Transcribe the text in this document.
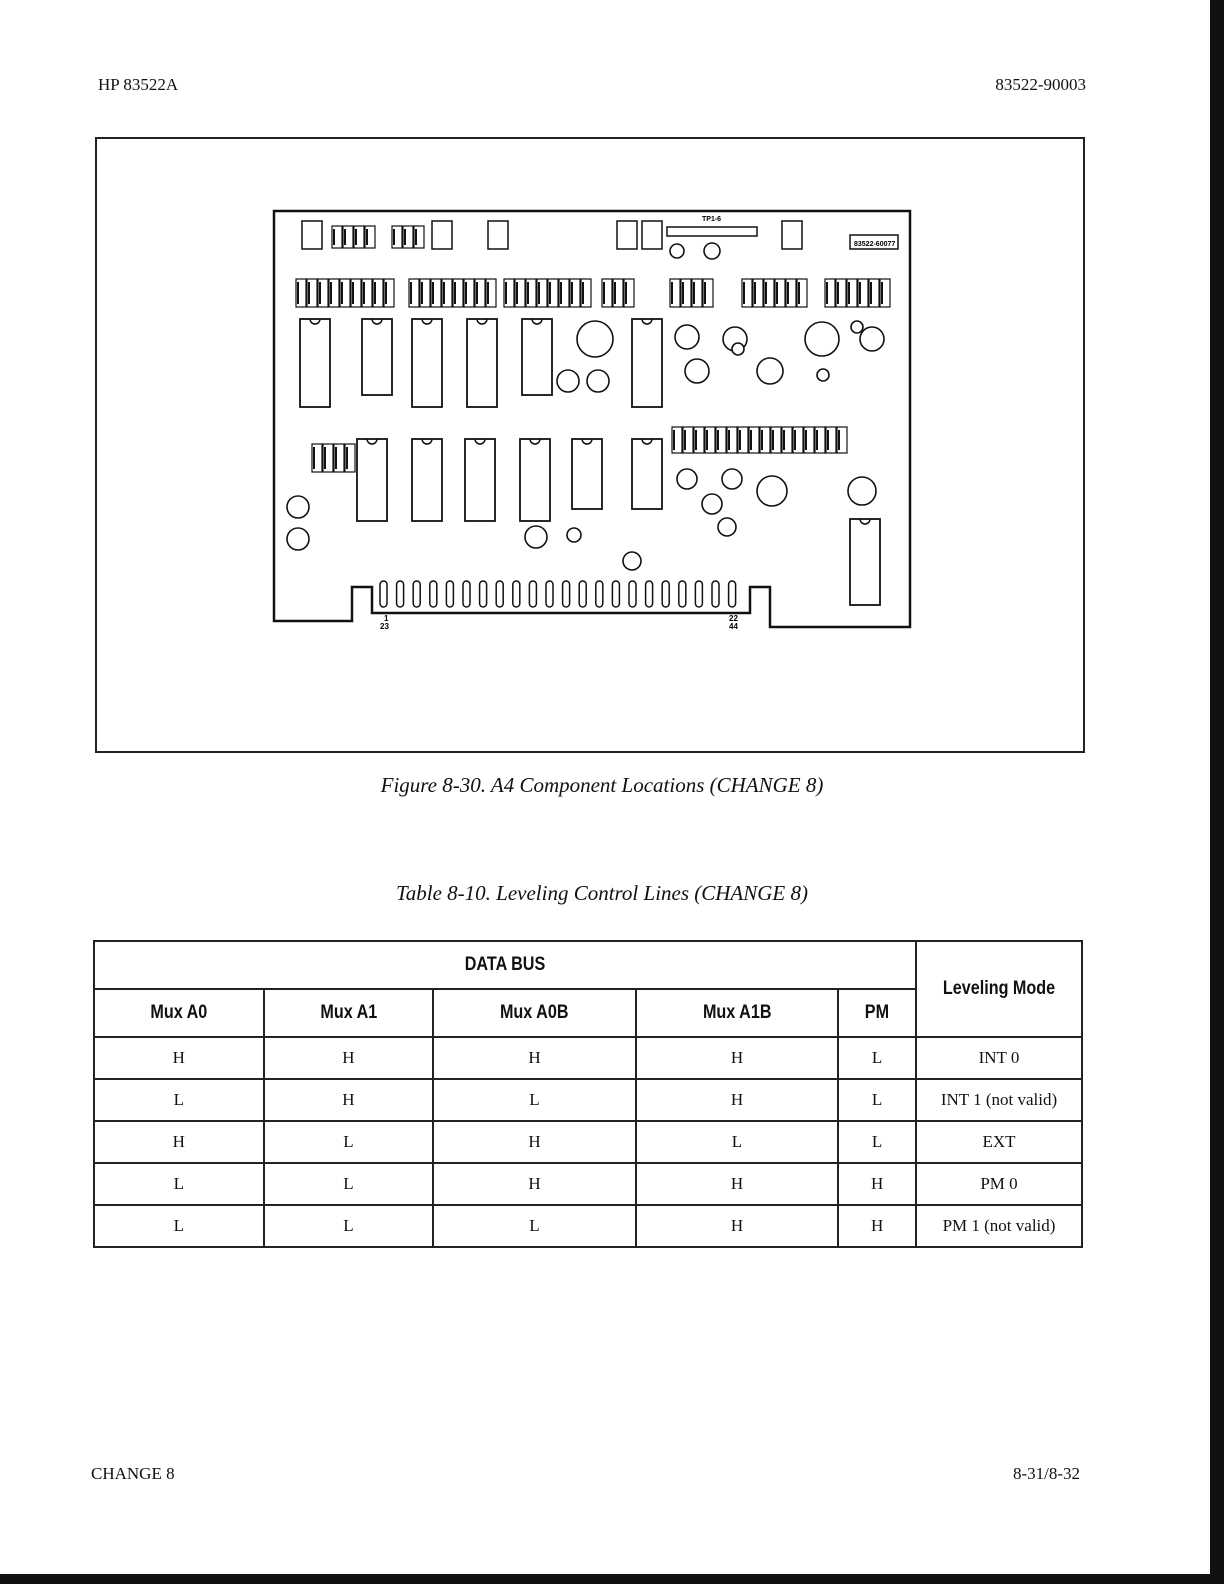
HP 83522A	83522-90003
TP1-6
83522-60077
1
23
22
44
Figure 8-30. A4 Component Locations (CHANGE 8)
Table 8-10. Leveling Control Lines (CHANGE 8)
DATA BUS					Leveling Mode
Mux A0	Mux A1	Mux A0B	Mux A1B	PM	
H	H	H	H	L	INT 0
L	H	L	H	L	INT 1 (not valid)
H	L	H	L	L	EXT
L	L	H	H	H	PM 0
L	L	L	H	H	PM 1 (not valid)
CHANGE 8	8-31/8-32
